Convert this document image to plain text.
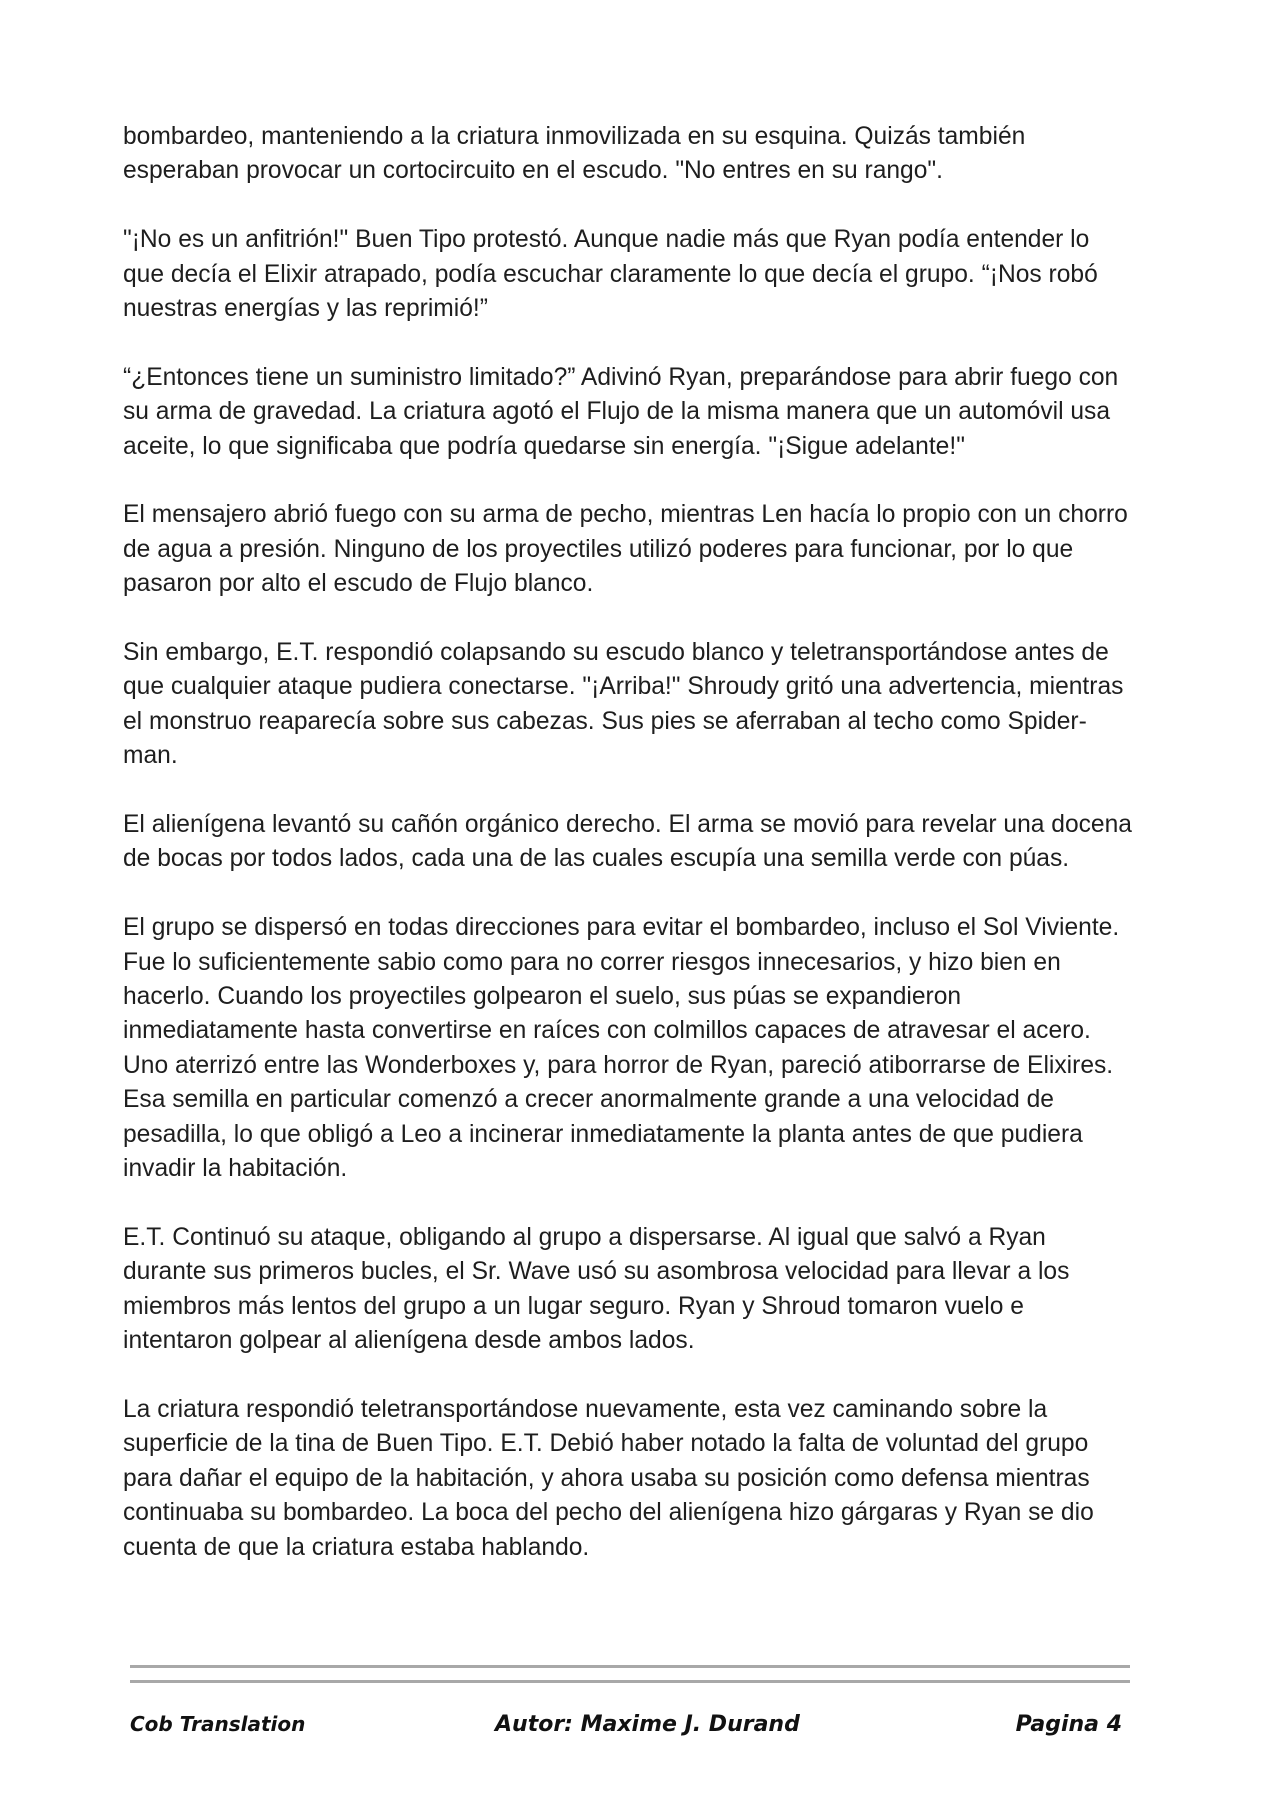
bombardeo, manteniendo a la criatura inmovilizada en su esquina. Quizás también esperaban provocar un cortocircuito en el escudo. "No entres en su rango".

"¡No es un anfitrión!" Buen Tipo protestó. Aunque nadie más que Ryan podía entender lo que decía el Elixir atrapado, podía escuchar claramente lo que decía el grupo. “¡Nos robó nuestras energías y las reprimió!”

“¿Entonces tiene un suministro limitado?” Adivinó Ryan, preparándose para abrir fuego con su arma de gravedad. La criatura agotó el Flujo de la misma manera que un automóvil usa aceite, lo que significaba que podría quedarse sin energía. "¡Sigue adelante!"

El mensajero abrió fuego con su arma de pecho, mientras Len hacía lo propio con un chorro de agua a presión. Ninguno de los proyectiles utilizó poderes para funcionar, por lo que pasaron por alto el escudo de Flujo blanco.

Sin embargo, E.T. respondió colapsando su escudo blanco y teletransportándose antes de que cualquier ataque pudiera conectarse. "¡Arriba!" Shroudy gritó una advertencia, mientras el monstruo reaparecía sobre sus cabezas. Sus pies se aferraban al techo como Spider-man.

El alienígena levantó su cañón orgánico derecho. El arma se movió para revelar una docena de bocas por todos lados, cada una de las cuales escupía una semilla verde con púas.

El grupo se dispersó en todas direcciones para evitar el bombardeo, incluso el Sol Viviente. Fue lo suficientemente sabio como para no correr riesgos innecesarios, y hizo bien en hacerlo. Cuando los proyectiles golpearon el suelo, sus púas se expandieron inmediatamente hasta convertirse en raíces con colmillos capaces de atravesar el acero. Uno aterrizó entre las Wonderboxes y, para horror de Ryan, pareció atiborrarse de Elixires. Esa semilla en particular comenzó a crecer anormalmente grande a una velocidad de pesadilla, lo que obligó a Leo a incinerar inmediatamente la planta antes de que pudiera invadir la habitación.

E.T. Continuó su ataque, obligando al grupo a dispersarse. Al igual que salvó a Ryan durante sus primeros bucles, el Sr. Wave usó su asombrosa velocidad para llevar a los miembros más lentos del grupo a un lugar seguro. Ryan y Shroud tomaron vuelo e intentaron golpear al alienígena desde ambos lados.

La criatura respondió teletransportándose nuevamente, esta vez caminando sobre la superficie de la tina de Buen Tipo. E.T. Debió haber notado la falta de voluntad del grupo para dañar el equipo de la habitación, y ahora usaba su posición como defensa mientras continuaba su bombardeo. La boca del pecho del alienígena hizo gárgaras y Ryan se dio cuenta de que la criatura estaba hablando.

Cob Translation	Autor: Maxime J. Durand	Pagina 4
